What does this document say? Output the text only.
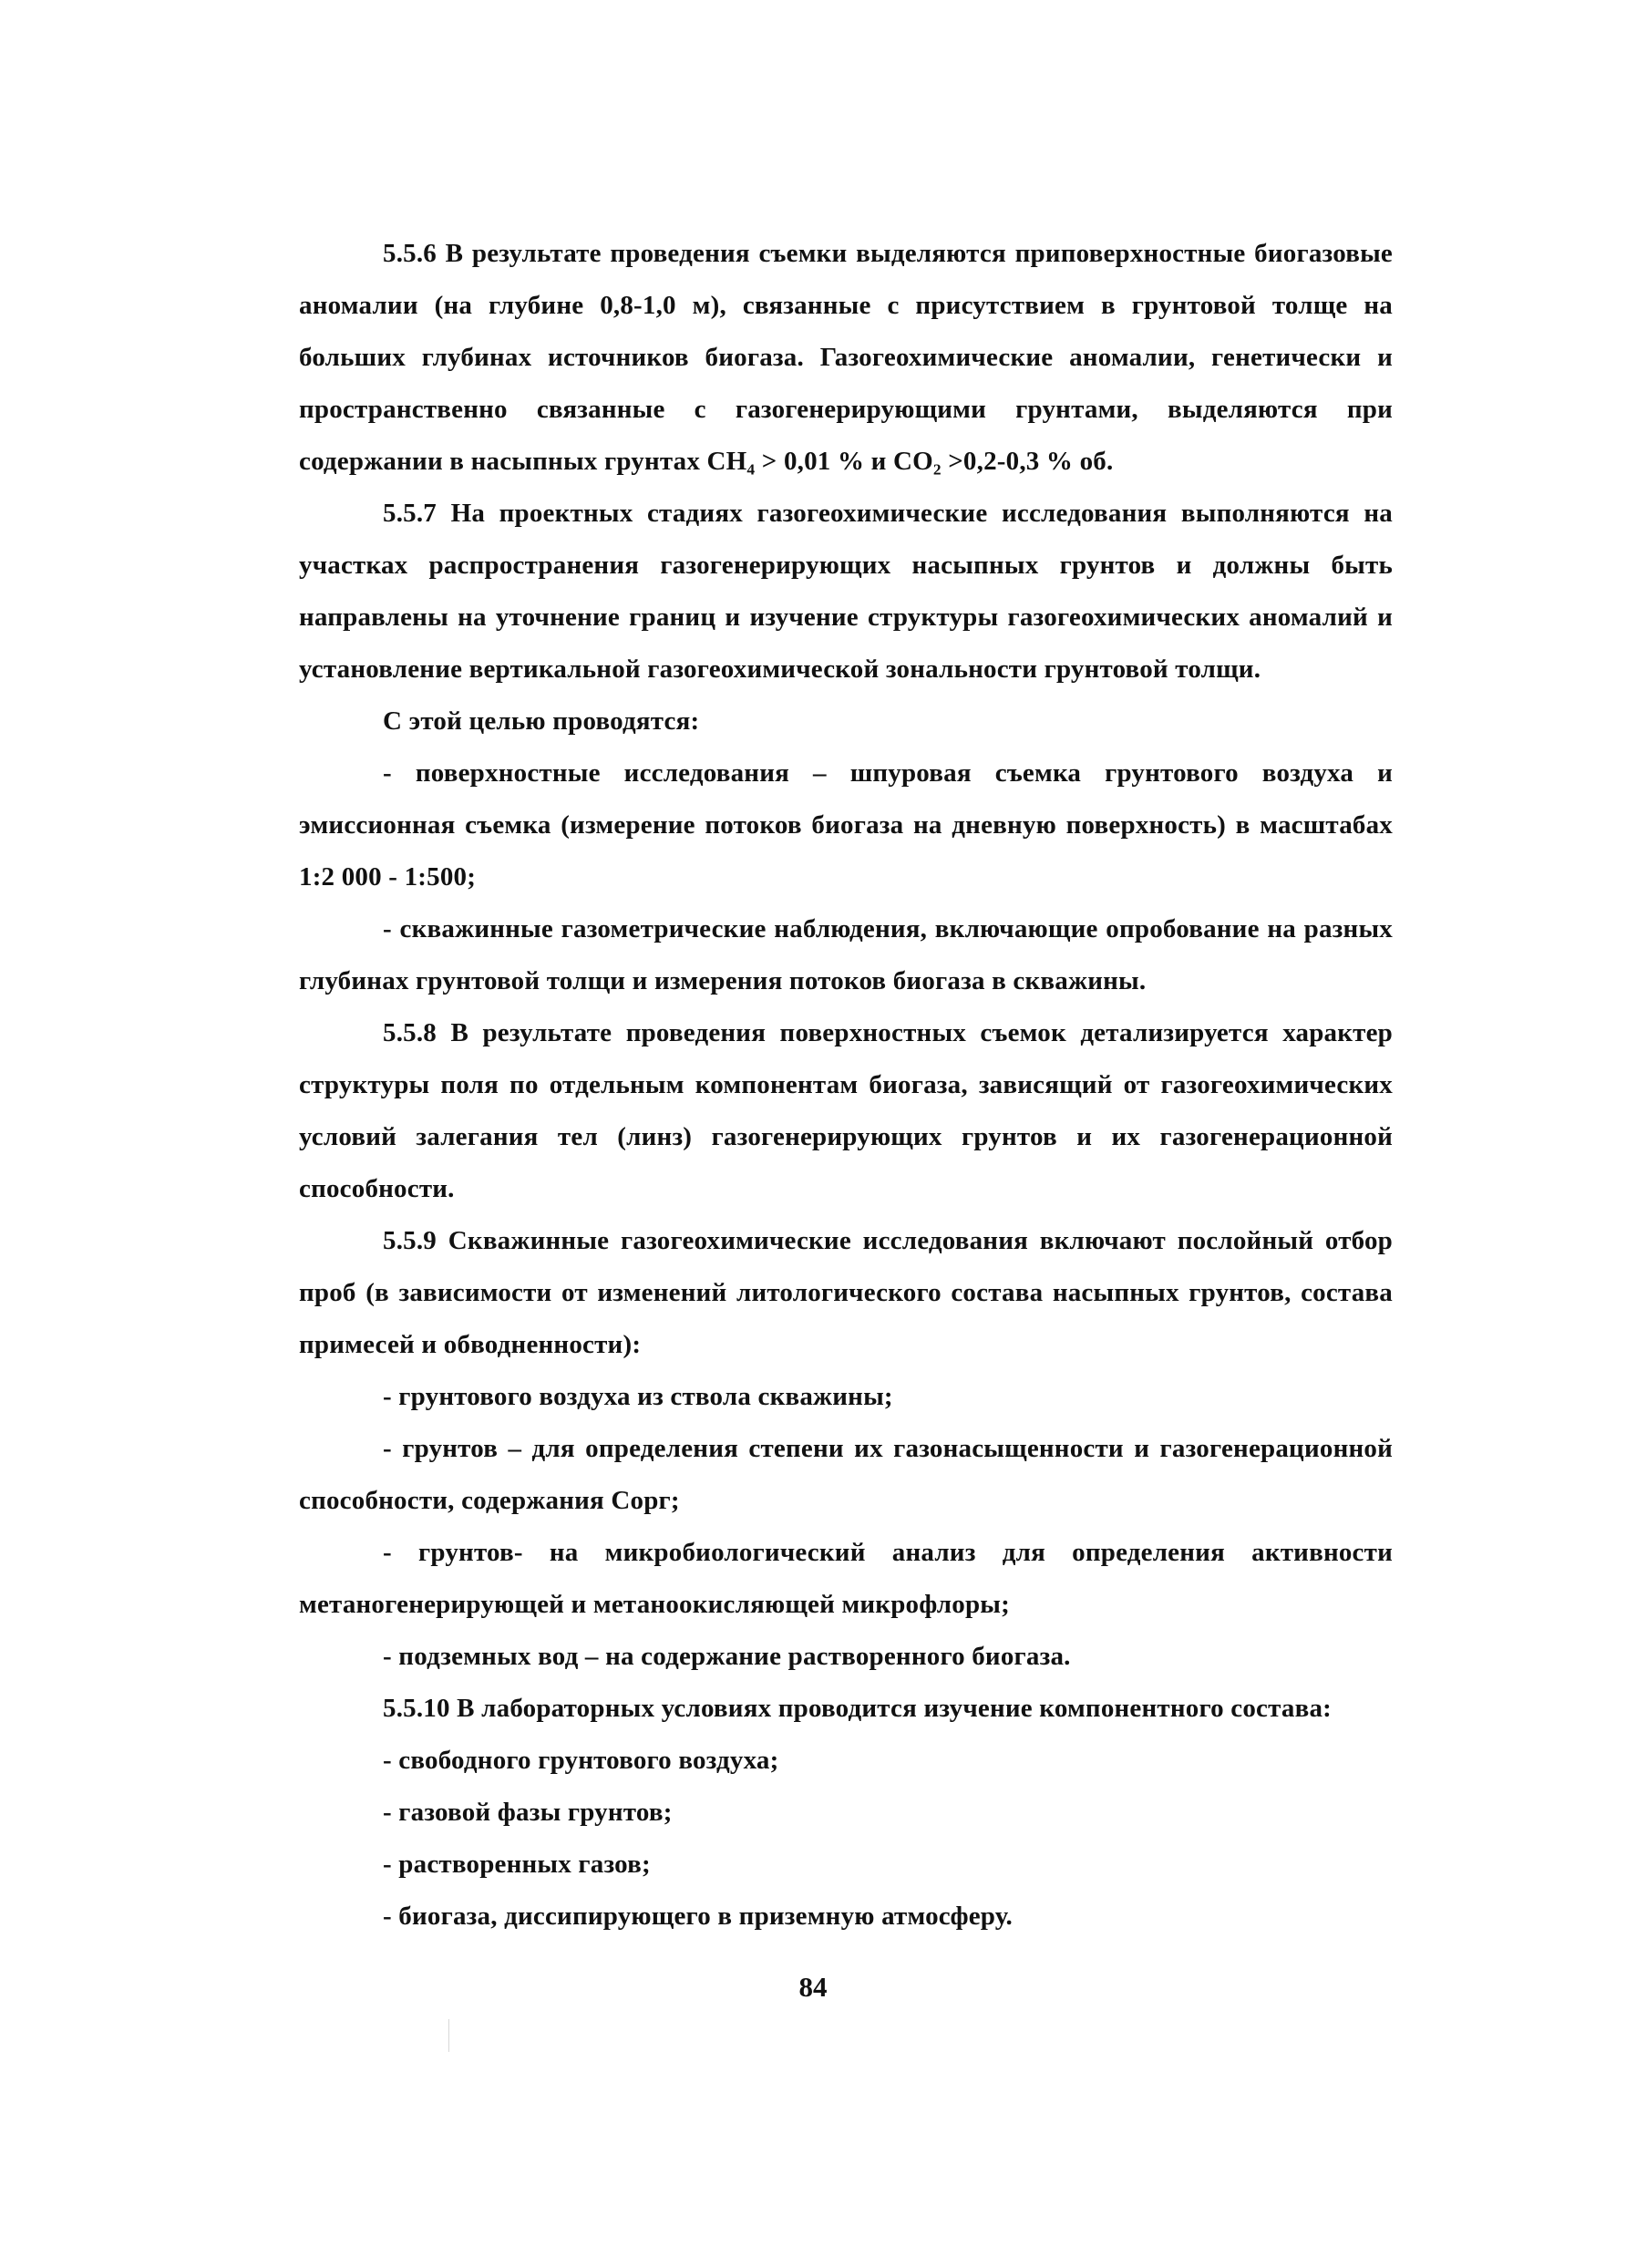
5.5.6 В результате проведения съемки выделяются приповерхностные биогазовые аномалии (на глубине 0,8-1,0 м), связанные с присутствием в грунтовой толще на больших глубинах источников биогаза. Газогеохимические аномалии, генетически и пространственно связанные с газогенерирующими грунтами, выделяются при содержании в насыпных грунтах СН₄ > 0,01 % и СО₂ >0,2-0,3 % об.

5.5.7 На проектных стадиях газогеохимические исследования выполняются на участках распространения газогенерирующих насыпных грунтов и должны быть направлены на уточнение границ и изучение структуры газогеохимических аномалий и установление вертикальной газогеохимической зональности грунтовой толщи.

С этой целью проводятся:

- поверхностные исследования – шпуровая съемка грунтового воздуха и эмиссионная съемка (измерение потоков биогаза на дневную поверхность) в масштабах 1:2 000 - 1:500;

- скважинные газометрические наблюдения, включающие опробование на разных глубинах грунтовой толщи и измерения потоков биогаза в скважины.

5.5.8 В результате проведения поверхностных съемок детализируется характер структуры поля по отдельным компонентам биогаза, зависящий от газогеохимических условий залегания тел (линз) газогенерирующих грунтов и их газогенерационной способности.

5.5.9 Скважинные газогеохимические исследования включают послойный отбор проб (в зависимости от изменений литологического состава насыпных грунтов, состава примесей и обводненности):

- грунтового воздуха из ствола скважины;

- грунтов – для определения степени их газонасыщенности и газогенерационной способности, содержания Сорг;

- грунтов- на микробиологический анализ для определения активности метаногенерирующей и метаноокисляющей микрофлоры;

- подземных вод – на содержание растворенного биогаза.

5.5.10 В лабораторных условиях проводится изучение компонентного состава:

- свободного грунтового воздуха;

- газовой фазы грунтов;

- растворенных газов;

- биогаза, диссипирующего в приземную атмосферу.

84
